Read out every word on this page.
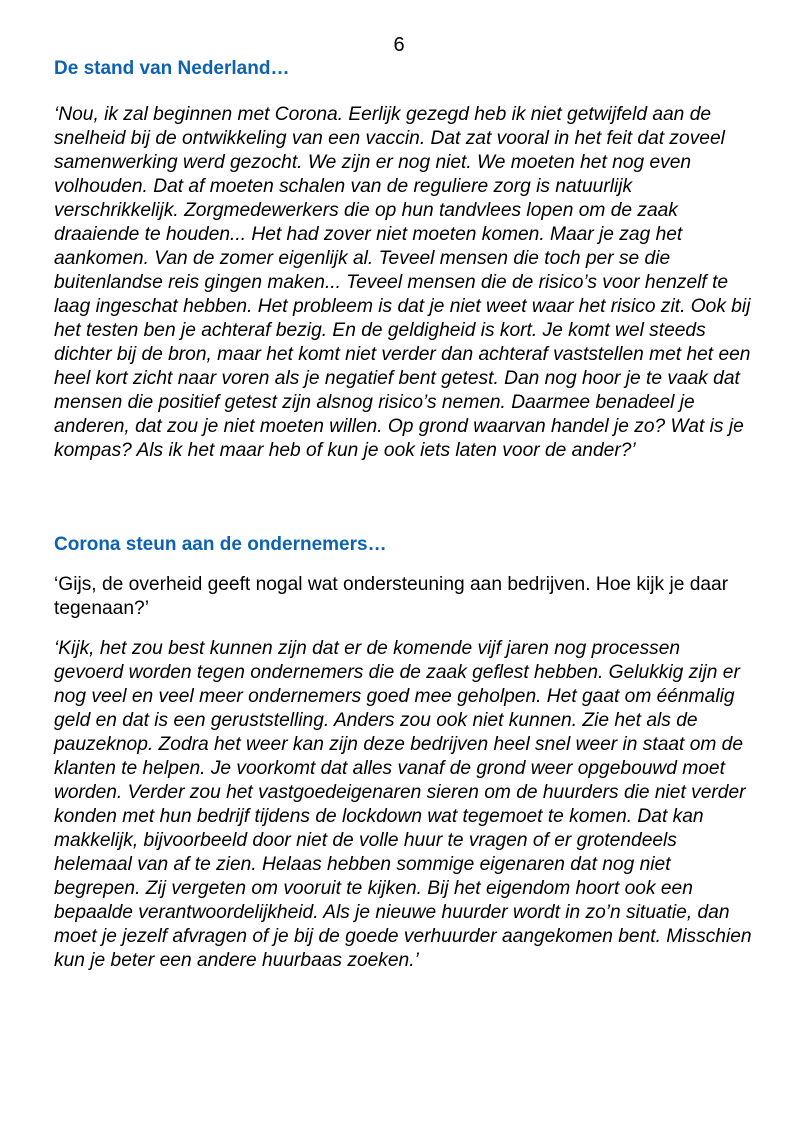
6
De stand van Nederland…

‘Nou, ik zal beginnen met Corona. Eerlijk gezegd heb ik niet getwijfeld aan de snelheid bij de ontwikkeling van een vaccin. Dat zat vooral in het feit dat zoveel samenwerking werd gezocht. We zijn er nog niet. We moeten het nog even volhouden. Dat af moeten schalen van de reguliere zorg is natuurlijk verschrikkelijk. Zorgmedewerkers die op hun tandvlees lopen om de zaak draaiende te houden... Het had zover niet moeten komen. Maar je zag het aankomen. Van de zomer eigenlijk al. Teveel mensen die toch per se die buitenlandse reis gingen maken... Teveel mensen die de risico’s voor henzelf te laag ingeschat hebben. Het probleem is dat je niet weet waar het risico zit. Ook bij het testen ben je achteraf bezig. En de geldigheid is kort. Je komt wel steeds dichter bij de bron, maar het komt niet verder dan achteraf vaststellen met het een heel kort zicht naar voren als je negatief bent getest. Dan nog hoor je te vaak dat mensen die positief getest zijn alsnog risico’s nemen. Daarmee benadeel je anderen, dat zou je niet moeten willen. Op grond waarvan handel je zo? Wat is je kompas? Als ik het maar heb of kun je ook iets laten voor de ander?’

Corona steun aan de ondernemers…

‘Gijs, de overheid geeft nogal wat ondersteuning aan bedrijven. Hoe kijk je daar tegenaan?’

‘Kijk, het zou best kunnen zijn dat er de komende vijf jaren nog processen gevoerd worden tegen ondernemers die de zaak geflest hebben. Gelukkig zijn er nog veel en veel meer ondernemers goed mee geholpen. Het gaat om éénmalig geld en dat is een geruststelling. Anders zou ook niet kunnen. Zie het als de pauzeknop. Zodra het weer kan zijn deze bedrijven heel snel weer in staat om de klanten te helpen. Je voorkomt dat alles vanaf de grond weer opgebouwd moet worden. Verder zou het vastgoedeigenaren sieren om de huurders die niet verder konden met hun bedrijf tijdens de lockdown wat tegemoet te komen. Dat kan makkelijk, bijvoorbeeld door niet de volle huur te vragen of er grotendeels helemaal van af te zien. Helaas hebben sommige eigenaren dat nog niet begrepen. Zij vergeten om vooruit te kijken. Bij het eigendom hoort ook een bepaalde verantwoordelijkheid. Als je nieuwe huurder wordt in zo’n situatie, dan moet je jezelf afvragen of je bij de goede verhuurder aangekomen bent. Misschien kun je beter een andere huurbaas zoeken.’
